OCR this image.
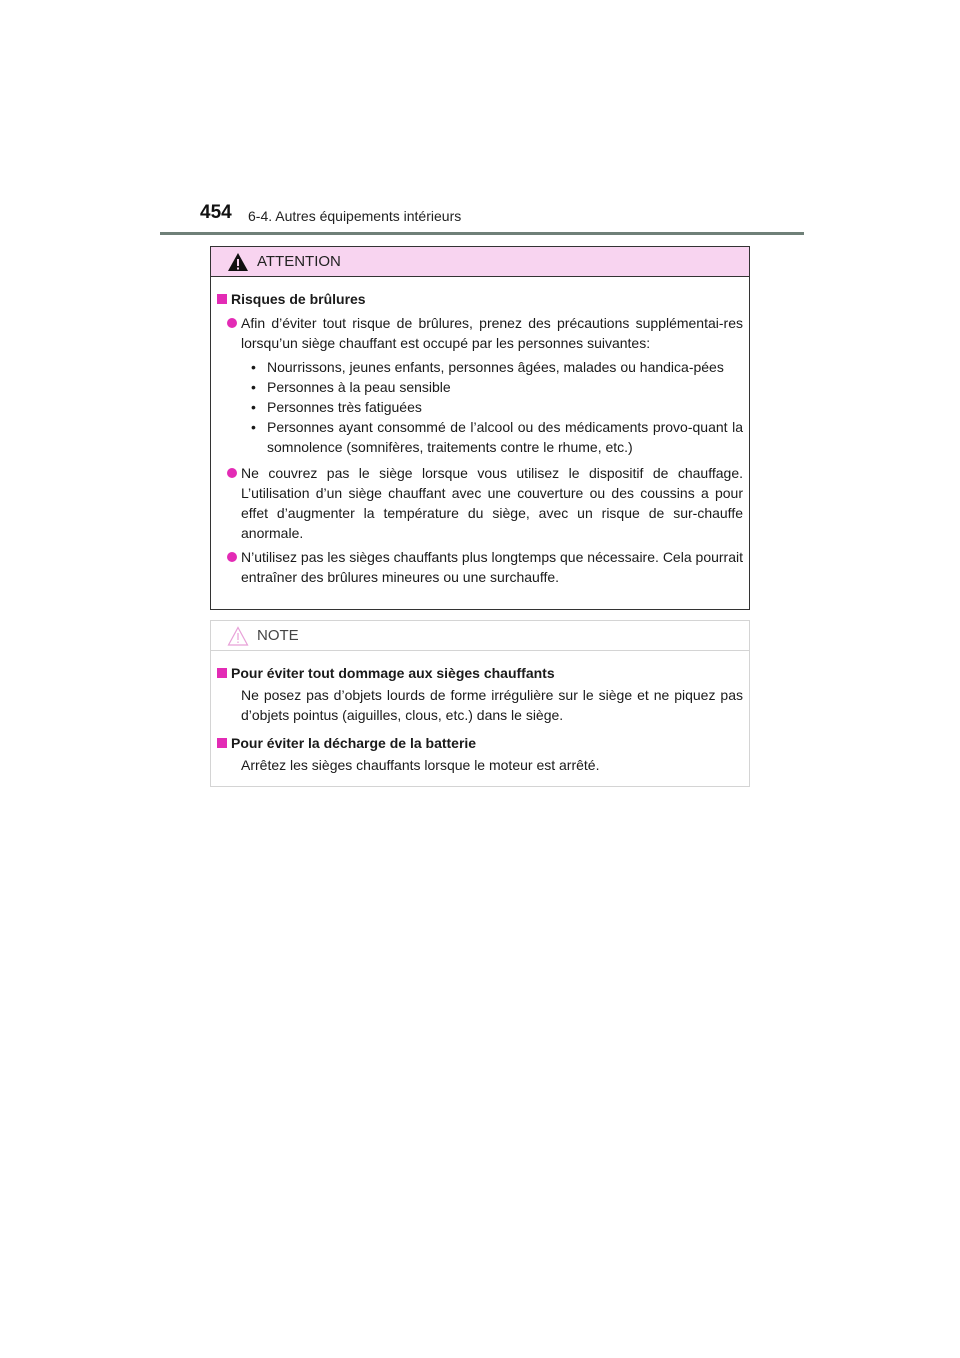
454 6-4. Autres équipements intérieurs
ATTENTION
Risques de brûlures
Afin d’éviter tout risque de brûlures, prenez des précautions supplémentai-res lorsqu’un siège chauffant est occupé par les personnes suivantes:
• Nourrissons, jeunes enfants, personnes âgées, malades ou handica-pées
• Personnes à la peau sensible
• Personnes très fatiguées
• Personnes ayant consommé de l’alcool ou des médicaments provo-quant la somnolence (somnifères, traitements contre le rhume, etc.)
Ne couvrez pas le siège lorsque vous utilisez le dispositif de chauffage. L’utilisation d’un siège chauffant avec une couverture ou des coussins a pour effet d’augmenter la température du siège, avec un risque de sur-chauffe anormale.
N’utilisez pas les sièges chauffants plus longtemps que nécessaire. Cela pourrait entraîner des brûlures mineures ou une surchauffe.
NOTE
Pour éviter tout dommage aux sièges chauffants
Ne posez pas d’objets lourds de forme irrégulière sur le siège et ne piquez pas d’objets pointus (aiguilles, clous, etc.) dans le siège.
Pour éviter la décharge de la batterie
Arrêtez les sièges chauffants lorsque le moteur est arrêté.
